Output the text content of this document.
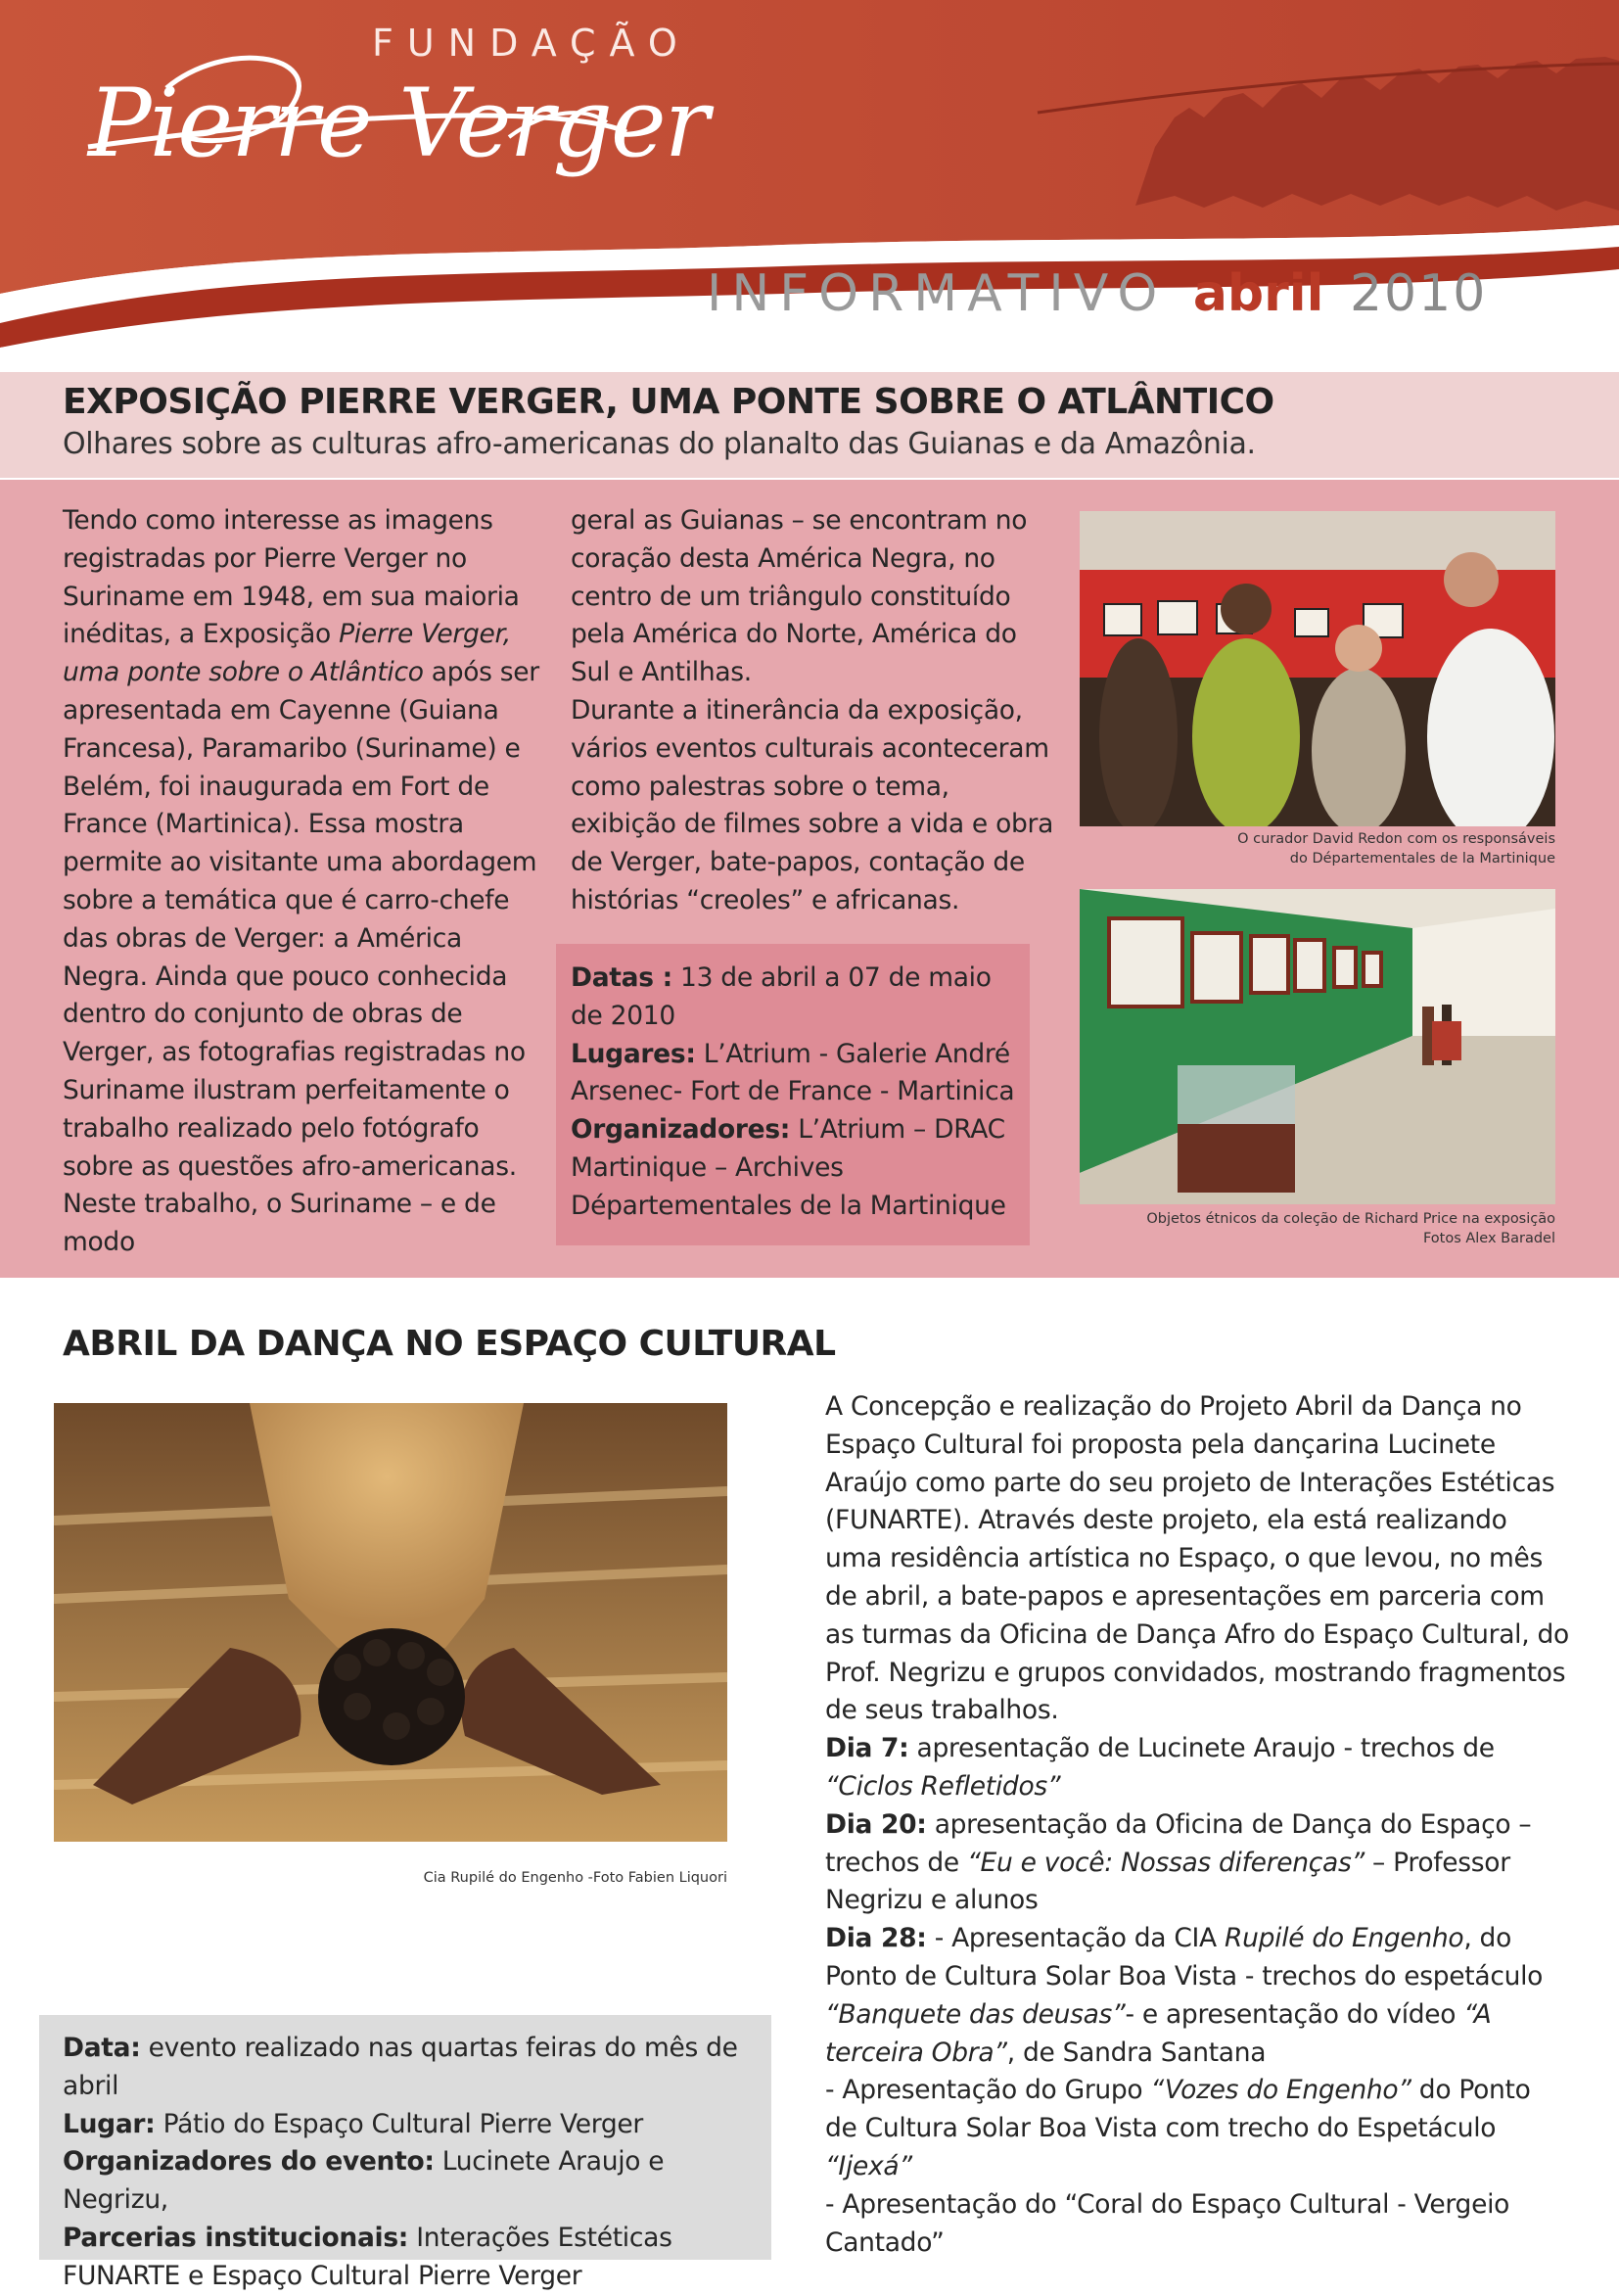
FUNDAÇÃO
Pierre Verger
INFORMATIVO abril 2010
EXPOSIÇÃO PIERRE VERGER, UMA PONTE SOBRE O ATLÂNTICO
Olhares sobre as culturas afro-americanas do planalto das Guianas e da Amazônia.

Tendo como interesse as imagens registradas por Pierre Verger no Suriname em 1948, em sua maioria inéditas, a Exposição Pierre Verger, uma ponte sobre o Atlântico após ser apresentada em Cayenne (Guiana Francesa), Paramaribo (Suriname) e Belém, foi inaugurada em Fort de France (Martinica). Essa mostra permite ao visitante uma abordagem sobre a temática que é carro-chefe das obras de Verger: a América Negra. Ainda que pouco conhecida dentro do conjunto de obras de Verger, as fotografias registradas no Suriname ilustram perfeitamente o trabalho realizado pelo fotógrafo sobre as questões afro-americanas. Neste trabalho, o Suriname – e de modo

geral as Guianas – se encontram no coração desta América Negra, no centro de um triângulo constituído pela América do Norte, América do Sul e Antilhas.

Durante a itinerância da exposição, vários eventos culturais aconteceram como palestras sobre o tema, exibição de filmes sobre a vida e obra de Verger, bate-papos, contação de histórias “creoles” e africanas.

Datas : 13 de abril a 07 de maio de 2010

Lugares: L’Atrium - Galerie André Arsenec- Fort de France - Martinica

Organizadores: L’Atrium – DRAC Martinique – Archives Départementales de la Martinique

O curador David Redon com os responsáveis
do Départementales de la Martinique
Objetos étnicos da coleção de Richard Price na exposição
Fotos Alex Baradel
ABRIL DA DANÇA NO ESPAÇO CULTURAL
Cia Rupilé do Engenho -Foto Fabien Liquori

Data: evento realizado nas quartas feiras do mês de abril

Lugar: Pátio do Espaço Cultural Pierre Verger

Organizadores do evento: Lucinete Araujo e Negrizu,

Parcerias institucionais: Interações Estéticas FUNARTE e Espaço Cultural Pierre Verger

A Concepção e realização do Projeto Abril da Dança no Espaço Cultural foi proposta pela dançarina Lucinete Araújo como parte do seu projeto de Interações Estéticas (FUNARTE). Através deste projeto, ela está realizando uma residência artística no Espaço, o que levou, no mês de abril, a bate-papos e apresentações em parceria com as turmas da Oficina de Dança Afro do Espaço Cultural, do Prof. Negrizu e grupos convidados, mostrando fragmentos de seus trabalhos.

Dia 7: apresentação de Lucinete Araujo - trechos de “Ciclos Refletidos”

Dia 20: apresentação da Oficina de Dança do Espaço – trechos de “Eu e você: Nossas diferenças” – Professor Negrizu e alunos

Dia 28: - Apresentação da CIA Rupilé do Engenho, do Ponto de Cultura Solar Boa Vista - trechos do espetáculo “Banquete das deusas”- e apresentação do vídeo “A terceira Obra”, de Sandra Santana

- Apresentação do Grupo “Vozes do Engenho” do Ponto de Cultura Solar Boa Vista com trecho do Espetáculo “Ijexá”

- Apresentação do “Coral do Espaço Cultural - Vergeio Cantado”
